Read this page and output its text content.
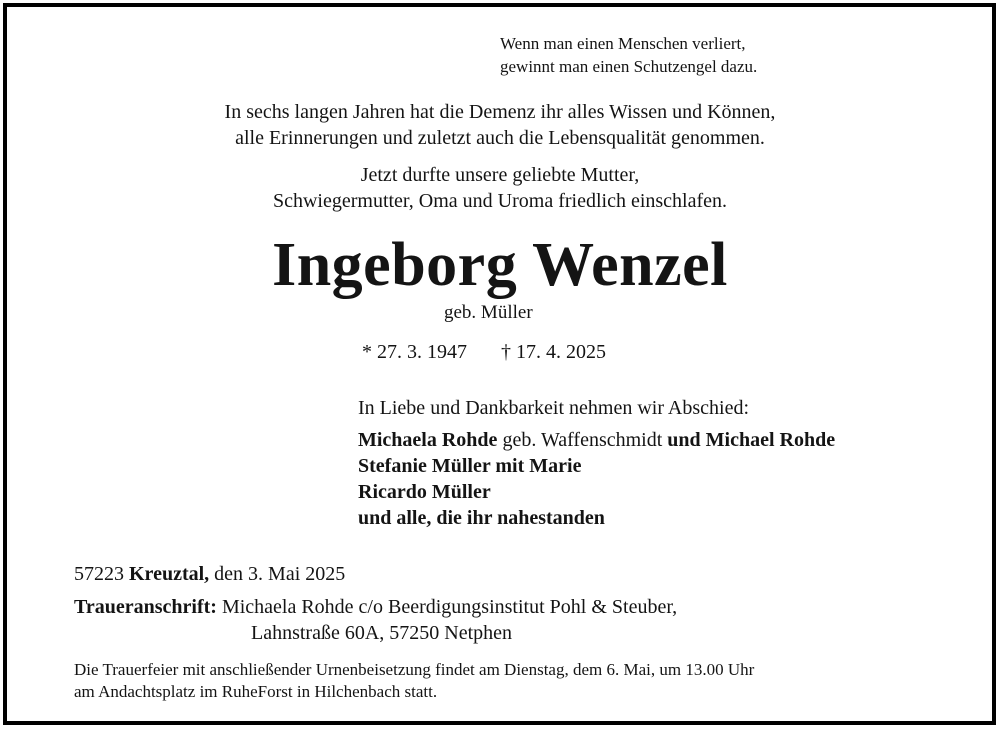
Wenn man einen Menschen verliert,
gewinnt man einen Schutzengel dazu.
In sechs langen Jahren hat die Demenz ihr alles Wissen und Können,
alle Erinnerungen und zuletzt auch die Lebensqualität genommen.
Jetzt durfte unsere geliebte Mutter,
Schwiegermutter, Oma und Uroma friedlich einschlafen.
Ingeborg Wenzel
geb. Müller
* 27. 3. 1947 † 17. 4. 2025
In Liebe und Dankbarkeit nehmen wir Abschied:
Michaela Rohde geb. Waffenschmidt und Michael Rohde
Stefanie Müller mit Marie
Ricardo Müller
und alle, die ihr nahestanden
57223 Kreuztal, den 3. Mai 2025
Traueranschrift: Michaela Rohde c/o Beerdigungsinstitut Pohl & Steuber,
Lahnstraße 60A, 57250 Netphen
Die Trauerfeier mit anschließender Urnenbeisetzung findet am Dienstag, dem 6. Mai, um 13.00 Uhr
am Andachtsplatz im RuheForst in Hilchenbach statt.
